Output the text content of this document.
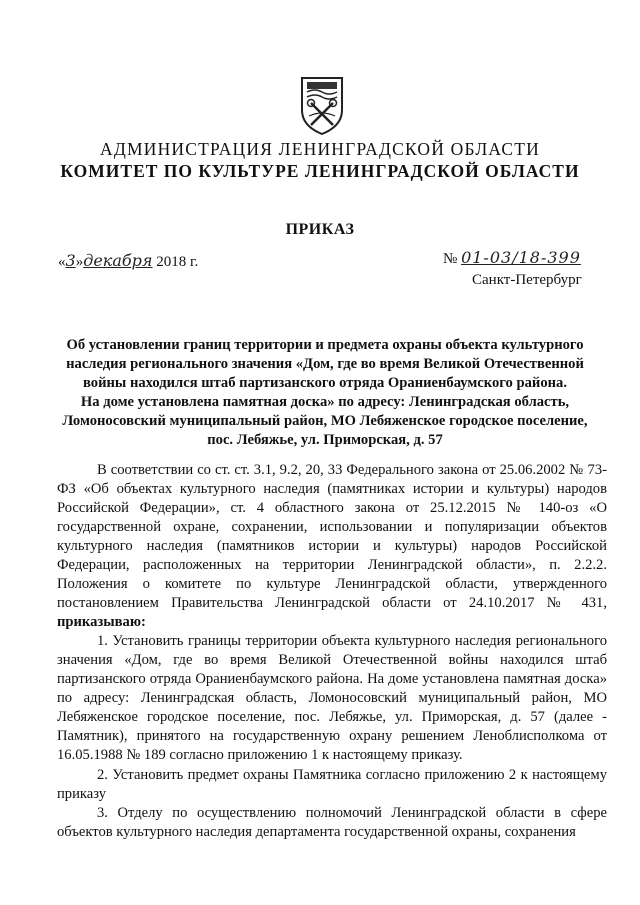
АДМИНИСТРАЦИЯ ЛЕНИНГРАДСКОЙ ОБЛАСТИ
КОМИТЕТ ПО КУЛЬТУРЕ ЛЕНИНГРАДСКОЙ ОБЛАСТИ
ПРИКАЗ
«3»декабря 2018 г.	№ 01-03/18-399
Санкт-Петербург
Об установлении границ территории и предмета охраны объекта культурного
наследия регионального значения «Дом, где во время Великой Отечественной
войны находился штаб партизанского отряда Ораниенбаумского района.
На доме установлена памятная доска» по адресу: Ленинградская область,
Ломоносовский муниципальный район, МО Лебяженское городское поселение,
пос. Лебяжье, ул. Приморская, д. 57
В соответствии со ст. ст. 3.1, 9.2, 20, 33 Федерального закона от 25.06.2002 № 73-ФЗ «Об объектах культурного наследия (памятниках истории и культуры) народов Российской Федерации», ст. 4 областного закона от 25.12.2015 № 140-оз «О государственной охране, сохранении, использовании и популяризации объектов культурного наследия (памятников истории и культуры) народов Российской Федерации, расположенных на территории Ленинградской области», п. 2.2.2. Положения о комитете по культуре Ленинградской области, утвержденного постановлением Правительства Ленинградской области от 24.10.2017 № 431, приказываю:
1. Установить границы территории объекта культурного наследия регионального значения «Дом, где во время Великой Отечественной войны находился штаб партизанского отряда Ораниенбаумского района. На доме установлена памятная доска» по адресу: Ленинградская область, Ломоносовский муниципальный район, МО Лебяженское городское поселение, пос. Лебяжье, ул. Приморская, д. 57 (далее - Памятник), принятого на государственную охрану решением Леноблисполкома от 16.05.1988 № 189 согласно приложению 1 к настоящему приказу.
2. Установить предмет охраны Памятника согласно приложению 2 к настоящему приказу
3. Отделу по осуществлению полномочий Ленинградской области в сфере объектов культурного наследия департамента государственной охраны, сохранения
